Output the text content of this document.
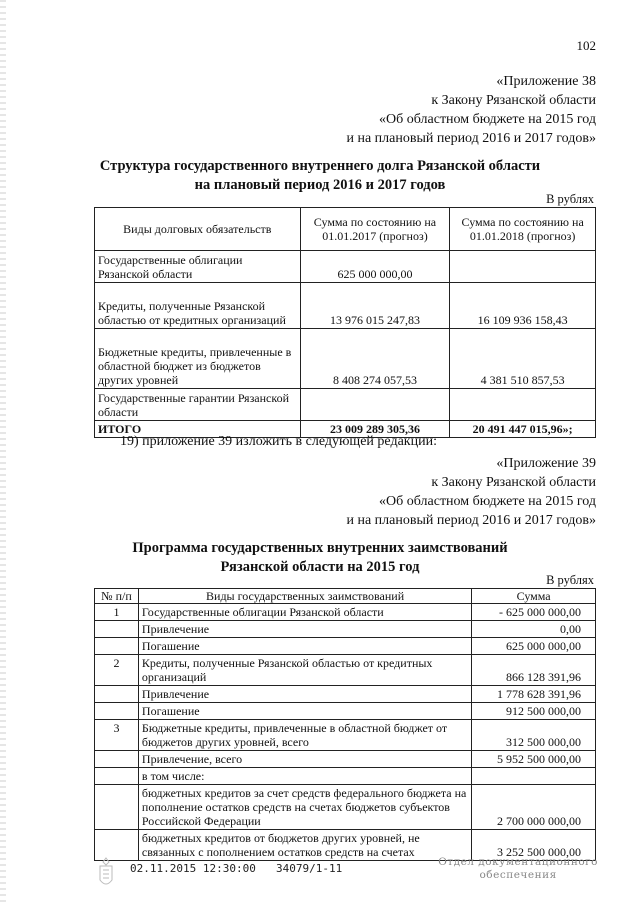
102
«Приложение 38
к Закону Рязанской области
«Об областном бюджете на 2015 год
и на плановый период 2016 и 2017 годов»
Структура государственного внутреннего долга Рязанской области
на плановый период 2016 и 2017 годов
В рублях
Виды долговых обязательств	Сумма по состоянию на 01.01.2017 (прогноз)	Сумма по состоянию на 01.01.2018 (прогноз)
Государственные облигации Рязанской области	625 000 000,00	
Кредиты, полученные Рязанской областью от кредитных организаций	13 976 015 247,83	16 109 936 158,43
Бюджетные кредиты, привлеченные в областной бюджет из бюджетов других уровней	8 408 274 057,53	4 381 510 857,53
Государственные гарантии Рязанской области		
ИТОГО	23 009 289 305,36	20 491 447 015,96»;
19) приложение 39 изложить в следующей редакции:
«Приложение 39
к Закону Рязанской области
«Об областном бюджете на 2015 год
и на плановый период 2016 и 2017 годов»
Программа государственных внутренних заимствований
Рязанской области на 2015 год
В рублях
№ п/п	Виды государственных заимствований	Сумма
1	Государственные облигации Рязанской области	- 625 000 000,00
	Привлечение	0,00
	Погашение	625 000 000,00
2	Кредиты, полученные Рязанской областью от кредитных организаций	866 128 391,96
	Привлечение	1 778 628 391,96
	Погашение	912 500 000,00
3	Бюджетные кредиты, привлеченные в областной бюджет от бюджетов других уровней, всего	312 500 000,00
	Привлечение, всего	5 952 500 000,00
	в том числе:	
	бюджетных кредитов за счет средств федерального бюджета на пополнение остатков средств на счетах бюджетов субъектов Российской Федерации	2 700 000 000,00
	бюджетных кредитов от бюджетов других уровней, не связанных с пополнением остатков средств на счетах	3 252 500 000,00
02.11.2015 12:30:00 34079/1-11	Отдел документационного
обеспечения
